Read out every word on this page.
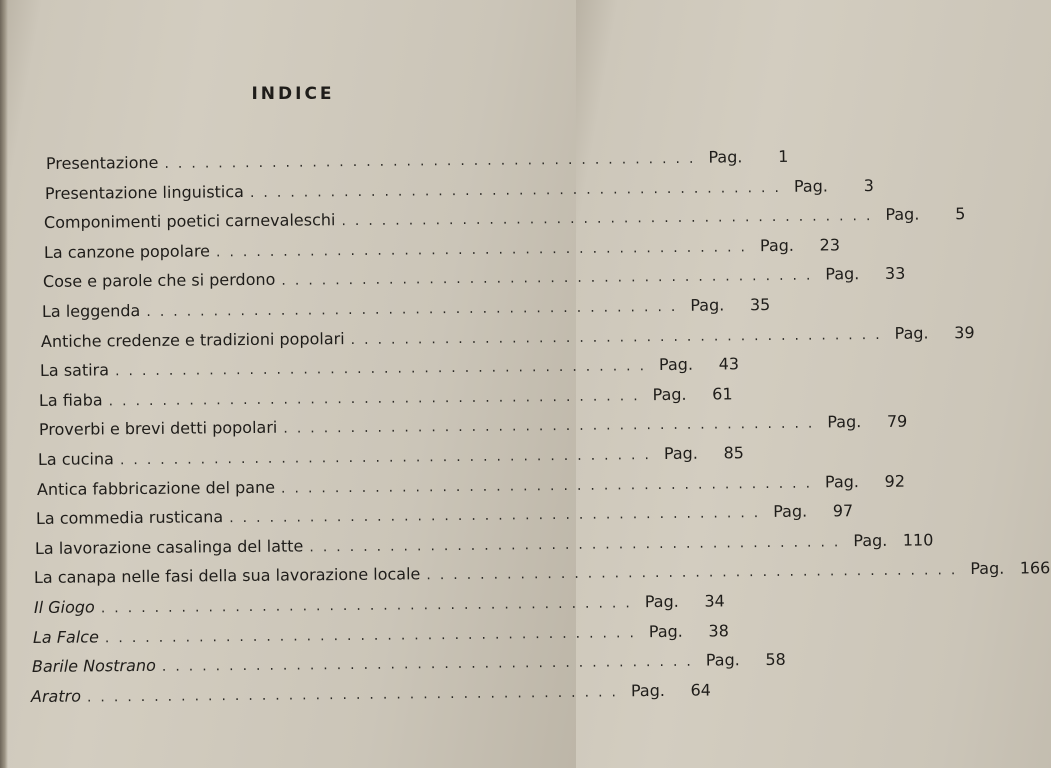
INDICE
Presentazione ........................................ Pag.	1
Presentazione linguistica ........................................ Pag.	3
Componimenti poetici carnevaleschi ........................................ Pag.	5
La canzone popolare ........................................ Pag.	23
Cose e parole che si perdono ........................................ Pag.	33
La leggenda ........................................ Pag.	35
Antiche credenze e tradizioni popolari ........................................ Pag.	39
La satira ........................................ Pag.	43
La fiaba ........................................ Pag.	61
Proverbi e brevi detti popolari ........................................ Pag.	79
La cucina ........................................ Pag.	85
Antica fabbricazione del pane ........................................ Pag.	92
La commedia rusticana ........................................ Pag.	97
La lavorazione casalinga del latte ........................................ Pag. 110
La canapa nelle fasi della sua lavorazione locale ........................................ Pag. 166
Il Giogo ........................................ Pag.	34
La Falce ........................................ Pag.	38
Barile Nostrano ........................................ Pag.	58
Aratro ........................................ Pag.	64
